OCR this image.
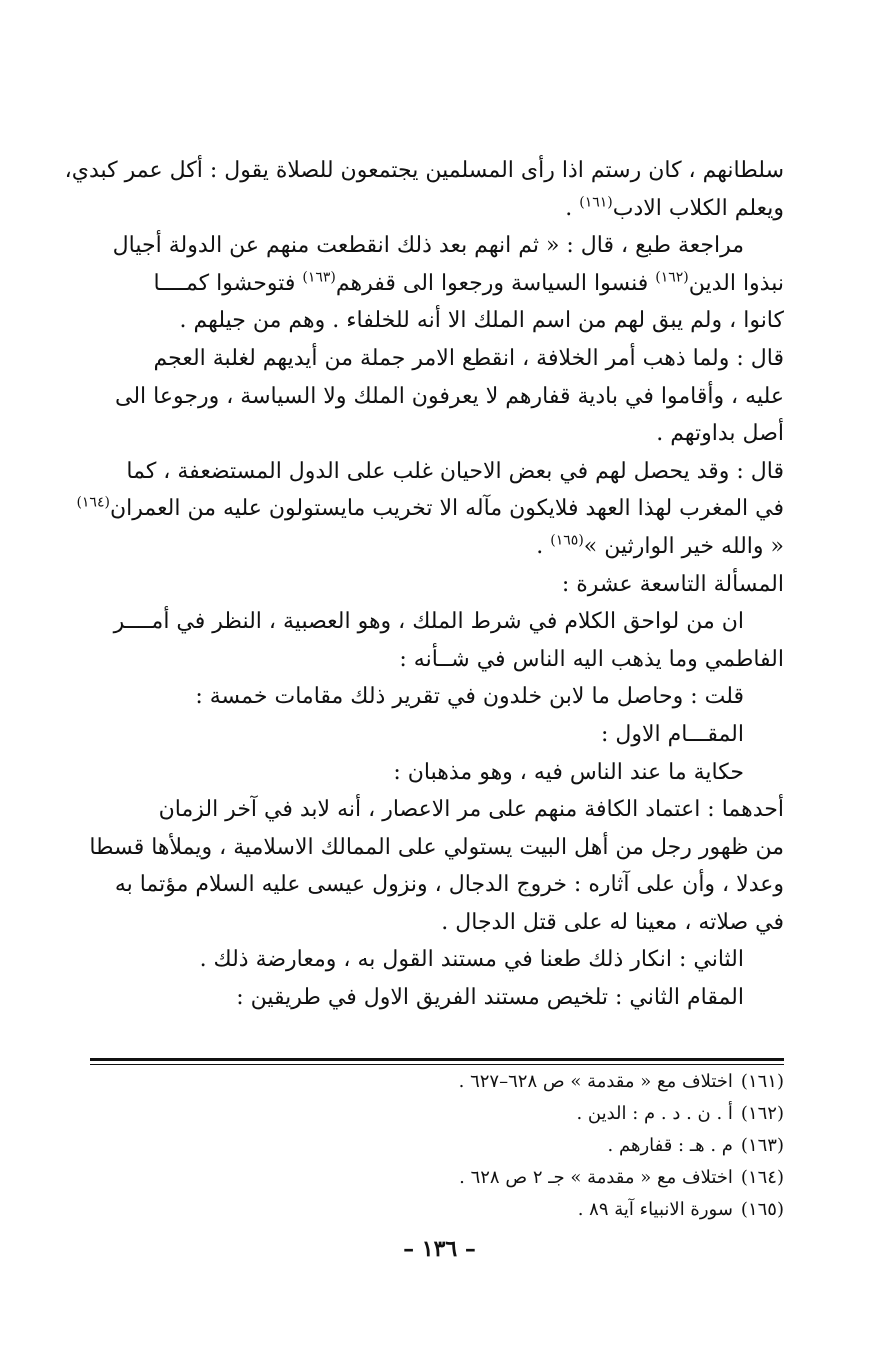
سلطانهم ، كان رستم اذا رأى المسلمين يجتمعون للصلاة يقول : أكل عمر كبدي،
ويعلم الكلاب الادب$^{(١٦١)}$ .

مراجعة طبع ، قال : « ثم انهم بعد ذلك انقطعت منهم عن الدولة أجيال
نبذوا الدين$^{(١٦٢)}$ فنسوا السياسة ورجعوا الى قفرهم$^{(١٦٣)}$ فتوحشوا كمــــا
كانوا ، ولم يبق لهم من اسم الملك الا أنه للخلفاء . وهم من جيلهم .

قال : ولما ذهب أمر الخلافة ، انقطع الامر جملة من أيديهم لغلبة العجم
عليه ، وأقاموا في بادية قفارهم لا يعرفون الملك ولا السياسة ، ورجوعا الى
أصل بداوتهم .

قال : وقد يحصل لهم في بعض الاحيان غلب على الدول المستضعفة ، كما
في المغرب لهذا العهد فلايكون مآله الا تخريب مايستولون عليه من العمران$^{(١٦٤)}$
« والله خير الوارثين »$^{(١٦٥)}$ .

المسألة التاسعة عشرة :

ان من لواحق الكلام في شرط الملك ، وهو العصبية ، النظر في أمــــر
الفاطمي وما يذهب اليه الناس في شــأنه :

قلت : وحاصل ما لابن خلدون في تقرير ذلك مقامات خمسة :

المقـــام الاول :

حكاية ما عند الناس فيه ، وهو مذهبان :

أحدهما : اعتماد الكافة منهم على مر الاعصار ، أنه لابد في آخر الزمان
من ظهور رجل من أهل البيت يستولي على الممالك الاسلامية ، ويملأها قسطا
وعدلا ، وأن على آثاره : خروج الدجال ، ونزول عيسى عليه السلام مؤتما به
في صلاته ، معينا له على قتل الدجال .

الثاني : انكار ذلك طعنا في مستند القول به ، ومعارضة ذلك .

المقام الثاني : تلخيص مستند الفريق الاول في طريقين :

(١٦١)اختلاف مع « مقدمة » ص ٦٢٨–٦٢٧ .
(١٦٢)أ . ن . د . م : الدين .
(١٦٣)م . هـ : قفارهم .
(١٦٤)اختلاف مع « مقدمة » جـ ٢ ص ٦٢٨ .
(١٦٥)سورة الانبياء آية ٨٩ .
– ١٣٦ –
